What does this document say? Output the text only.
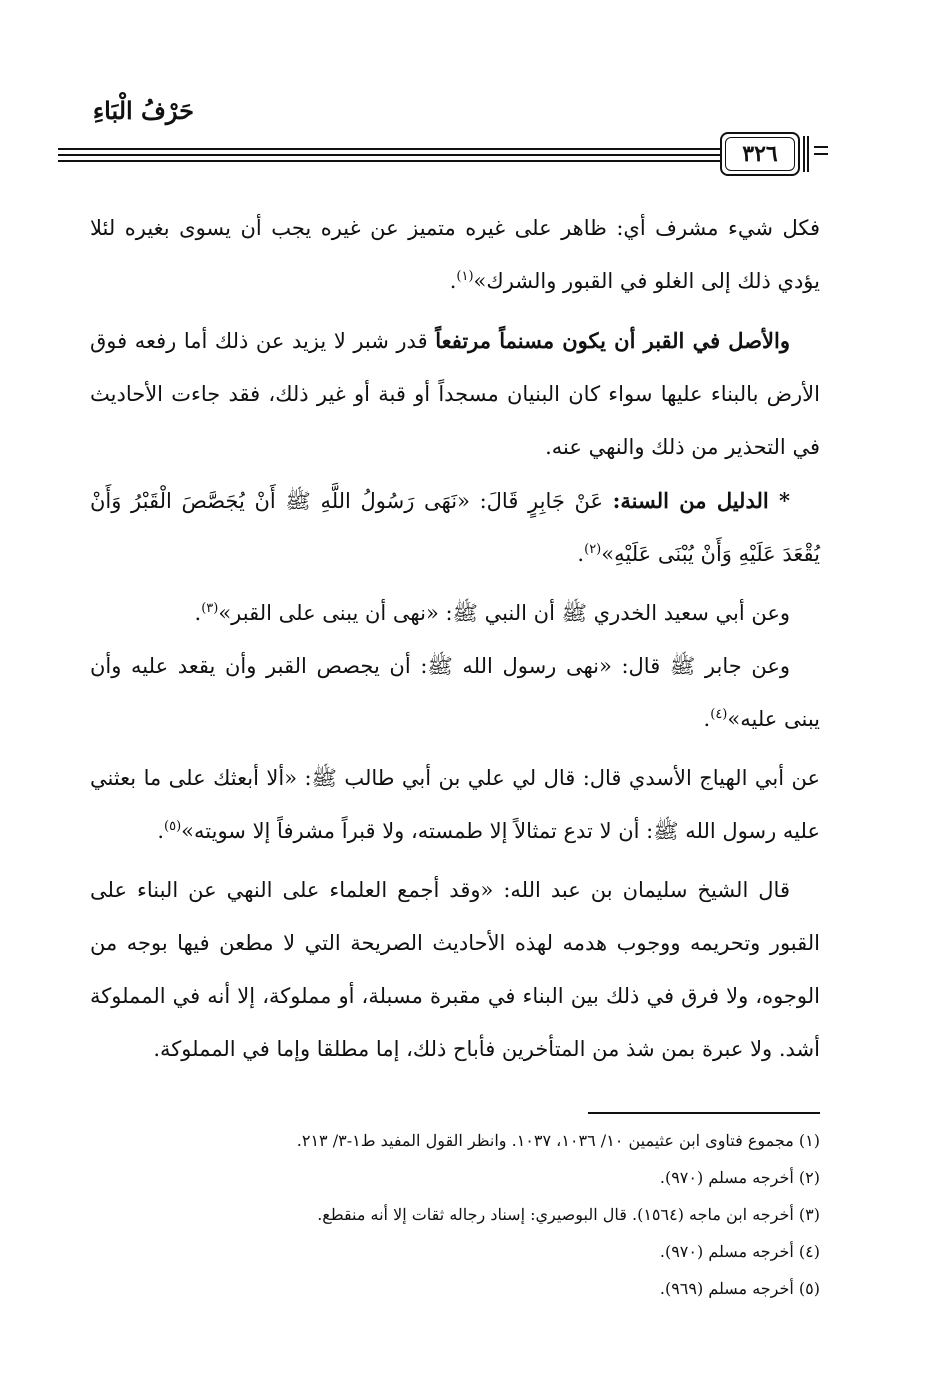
حَرْفُ الْبَاءِ
٣٢٦

فكل شيء مشرف أي: ظاهر على غيره متميز عن غيره يجب أن يسوى بغيره لئلا يؤدي ذلك إلى الغلو في القبور والشرك»$^{(١)}$.

والأصل في القبر أن يكون مسنماً مرتفعاً قدر شبر لا يزيد عن ذلك أما رفعه فوق الأرض بالبناء عليها سواء كان البنيان مسجداً أو قبة أو غير ذلك، فقد جاءت الأحاديث في التحذير من ذلك والنهي عنه.

* الدليل من السنة: عَنْ جَابِرٍ قَالَ: «نَهَى رَسُولُ اللَّهِ ﷺ أَنْ يُجَصَّصَ الْقَبْرُ وَأَنْ يُقْعَدَ عَلَيْهِ وَأَنْ يُبْنَى عَلَيْهِ»$^{(٢)}$.

وعن أبي سعيد الخدري ﷺ أن النبي ﷺ: «نهى أن يبنى على القبر»$^{(٣)}$.

وعن جابر ﷺ قال: «نهى رسول الله ﷺ: أن يجصص القبر وأن يقعد عليه وأن يبنى عليه»$^{(٤)}$.

عن أبي الهياج الأسدي قال: قال لي علي بن أبي طالب ﷺ: «ألا أبعثك على ما بعثني عليه رسول الله ﷺ: أن لا تدع تمثالاً إلا طمسته، ولا قبراً مشرفاً إلا سويته»$^{(٥)}$.

قال الشيخ سليمان بن عبد الله: «وقد أجمع العلماء على النهي عن البناء على القبور وتحريمه ووجوب هدمه لهذه الأحاديث الصريحة التي لا مطعن فيها بوجه من الوجوه، ولا فرق في ذلك بين البناء في مقبرة مسبلة، أو مملوكة، إلا أنه في المملوكة أشد. ولا عبرة بمن شذ من المتأخرين فأباح ذلك، إما مطلقا وإما في المملوكة.

(١) مجموع فتاوى ابن عثيمين ١٠/ ١٠٣٦، ١٠٣٧. وانظر القول المفيد ط١-٣/ ٢١٣.
(٢) أخرجه مسلم (٩٧٠).
(٣) أخرجه ابن ماجه (١٥٦٤). قال البوصيري: إسناد رجاله ثقات إلا أنه منقطع.
(٤) أخرجه مسلم (٩٧٠).
(٥) أخرجه مسلم (٩٦٩).
